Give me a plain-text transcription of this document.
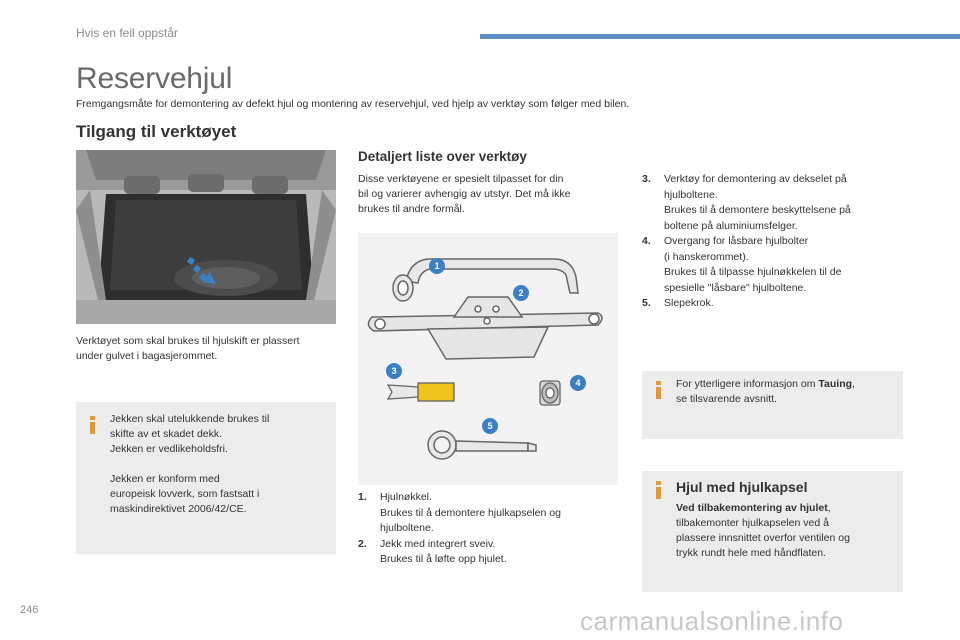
Hvis en feil oppstår
Reservehjul
Fremgangsmåte for demontering av defekt hjul og montering av reservehjul, ved hjelp av verktøy som følger med bilen.
Tilgang til verktøyet
Verktøyet som skal brukes til hjulskift er plassert under gulvet i bagasjerommet.
Jekken skal utelukkende brukes til
skifte av et skadet dekk.
Jekken er vedlikeholdsfri.
Jekken er konform med
europeisk lovverk, som fastsatt i
maskindirektivet 2006/42/CE.
Detaljert liste over verktøy
Disse verktøyene er spesielt tilpasset for din
bil og varierer avhengig av utstyr. Det må ikke
brukes til andre formål.
1
2
3
4
5
1.	Hjulnøkkel.
Brukes til å demontere hjulkapselen og
hjulboltene.
2.	Jekk med integrert sveiv.
Brukes til å løfte opp hjulet.
3.	Verktøy for demontering av dekselet på
hjulboltene.
Brukes til å demontere beskyttelsene på
boltene på aluminiumsfelger.
4.	Overgang for låsbare hjulbolter
(i hanskerommet).
Brukes til å tilpasse hjulnøkkelen til de
spesielle "låsbare" hjulboltene.
5.	Slepekrok.
For ytterligere informasjon om Tauing,
se tilsvarende avsnitt.
Hjul med hjulkapsel
Ved tilbakemontering av hjulet,
tilbakemonter hjulkapselen ved å
plassere innsnittet overfor ventilen og
trykk rundt hele med håndflaten.
246	carmanualsonline.info
